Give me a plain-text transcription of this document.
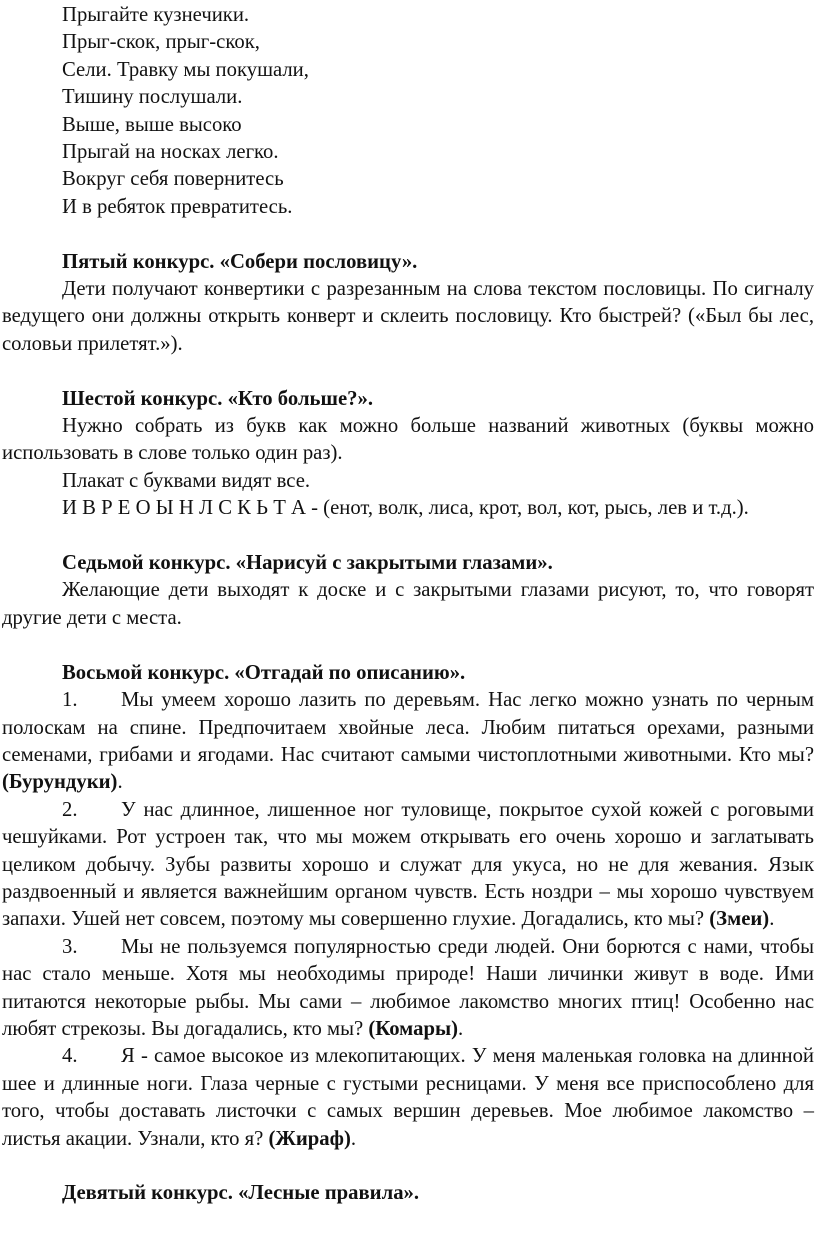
Прыгайте кузнечики.

Прыг-скок, прыг-скок,

Сели. Травку мы покушали,

Тишину послушали.

Выше, выше высоко

Прыгай на носках легко.

Вокруг себя повернитесь

И в ребяток превратитесь.

Пятый конкурс. «Собери пословицу».

Дети получают конвертики с разрезанным на слова текстом пословицы. По сигналу ведущего они должны открыть конверт и склеить пословицу. Кто быстрей? («Был бы лес, соловьи прилетят.»).

Шестой конкурс. «Кто больше?».

Нужно собрать из букв как можно больше названий животных (буквы можно использовать в слове только один раз).

Плакат с буквами видят все.

И В Р Е О Ы Н Л С К Ь Т А - (енот, волк, лиса, крот, вол, кот, рысь, лев и т.д.).

Седьмой конкурс. «Нарисуй с закрытыми глазами».

Желающие дети выходят к доске и с закрытыми глазами рисуют, то, что говорят другие дети с места.

Восьмой конкурс. «Отгадай по описанию».

1. Мы умеем хорошо лазить по деревьям. Нас легко можно узнать по черным полоскам на спине. Предпочитаем хвойные леса. Любим питаться орехами, разными семенами, грибами и ягодами. Нас считают самыми чистоплотными животными. Кто мы? (Бурундуки).

2. У нас длинное, лишенное ног туловище, покрытое сухой кожей с роговыми чешуйками. Рот устроен так, что мы можем открывать его очень хорошо и заглатывать целиком добычу. Зубы развиты хорошо и служат для укуса, но не для жевания. Язык раздвоенный и является важнейшим органом чувств. Есть ноздри – мы хорошо чувствуем запахи. Ушей нет совсем, поэтому мы совершенно глухие. Догадались, кто мы? (Змеи).

3. Мы не пользуемся популярностью среди людей. Они борются с нами, чтобы нас стало меньше. Хотя мы необходимы природе! Наши личинки живут в воде. Ими питаются некоторые рыбы. Мы сами – любимое лакомство многих птиц! Особенно нас любят стрекозы. Вы догадались, кто мы? (Комары).

4. Я - самое высокое из млекопитающих. У меня маленькая головка на длинной шее и длинные ноги. Глаза черные с густыми ресницами. У меня все приспособлено для того, чтобы доставать листочки с самых вершин деревьев. Мое любимое лакомство – листья акации. Узнали, кто я? (Жираф).

Девятый конкурс. «Лесные правила».
